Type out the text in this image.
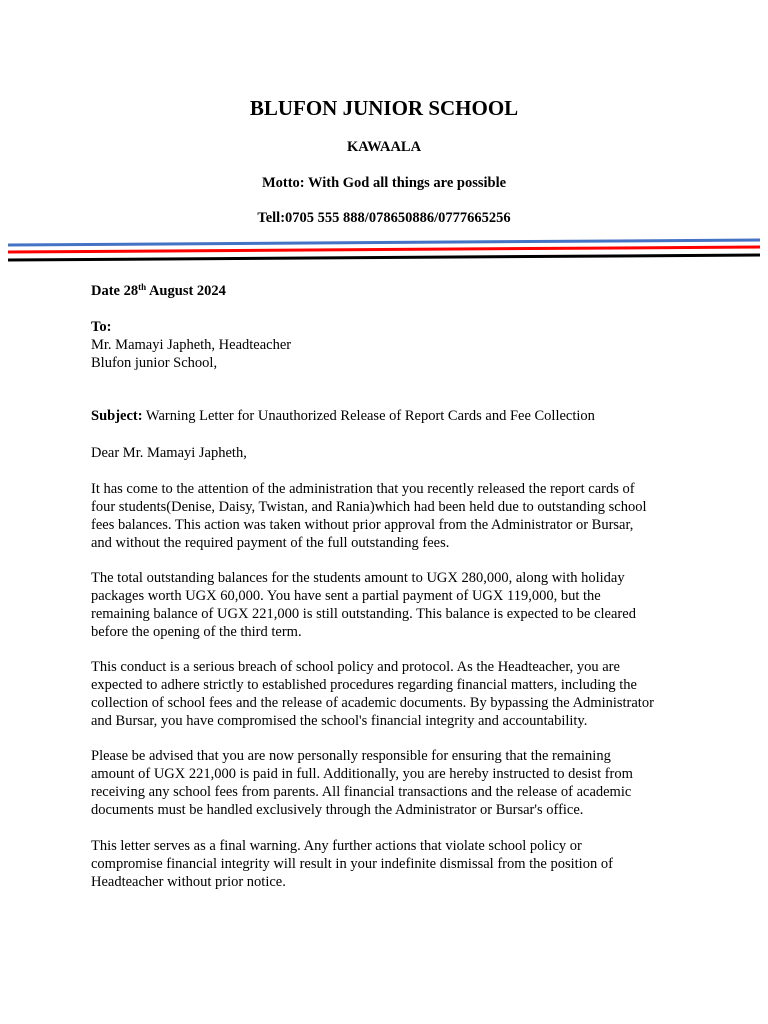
BLUFON JUNIOR SCHOOL
KAWAALA
Motto: With God all things are possible
Tell:0705 555 888/078650886/0777665256
Date 28th August 2024
To:
Mr. Mamayi Japheth, Headteacher
Blufon junior School,
Subject: Warning Letter for Unauthorized Release of Report Cards and Fee Collection
Dear Mr. Mamayi Japheth,
It has come to the attention of the administration that you recently released the report cards of
four students(Denise, Daisy, Twistan, and Rania)which had been held due to outstanding school
fees balances. This action was taken without prior approval from the Administrator or Bursar,
and without the required payment of the full outstanding fees.
The total outstanding balances for the students amount to UGX 280,000, along with holiday
packages worth UGX 60,000. You have sent a partial payment of UGX 119,000, but the
remaining balance of UGX 221,000 is still outstanding. This balance is expected to be cleared
before the opening of the third term.
This conduct is a serious breach of school policy and protocol. As the Headteacher, you are
expected to adhere strictly to established procedures regarding financial matters, including the
collection of school fees and the release of academic documents. By bypassing the Administrator
and Bursar, you have compromised the school's financial integrity and accountability.
Please be advised that you are now personally responsible for ensuring that the remaining
amount of UGX 221,000 is paid in full. Additionally, you are hereby instructed to desist from
receiving any school fees from parents. All financial transactions and the release of academic
documents must be handled exclusively through the Administrator or Bursar's office.
This letter serves as a final warning. Any further actions that violate school policy or
compromise financial integrity will result in your indefinite dismissal from the position of
Headteacher without prior notice.
